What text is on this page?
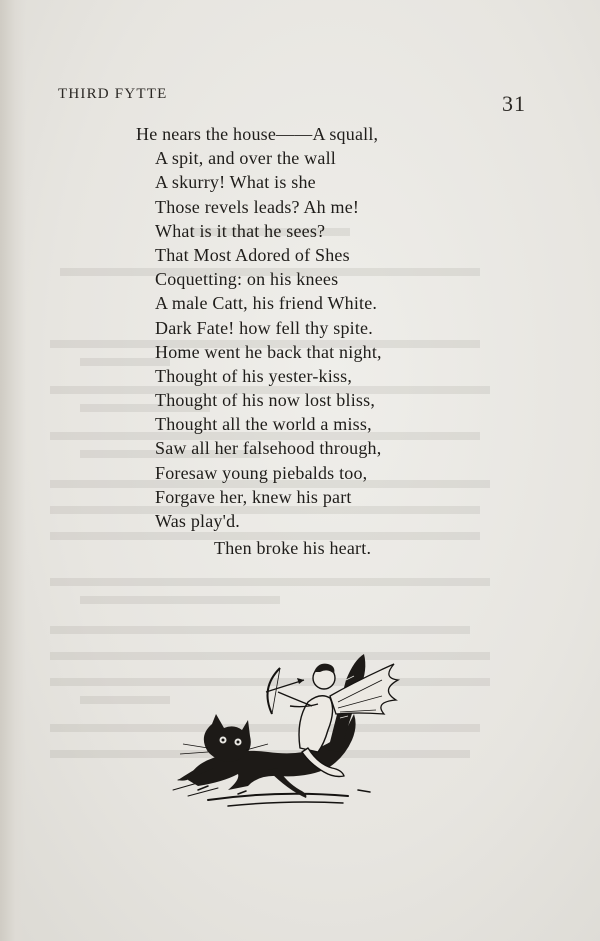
THIRD FYTTE	31
He nears the house——A squall,
A spit, and over the wall
A skurry! What is she
Those revels leads? Ah me!
What is it that he sees?
That Most Adored of Shes
Coquetting: on his knees
A male Catt, his friend White.
Dark Fate! how fell thy spite.
Home went he back that night,
Thought of his yester-kiss,
Thought of his now lost bliss,
Thought all the world a miss,
Saw all her falsehood through,
Foresaw young piebalds too,
Forgave her, knew his part
Was play'd.
Then broke his heart.
